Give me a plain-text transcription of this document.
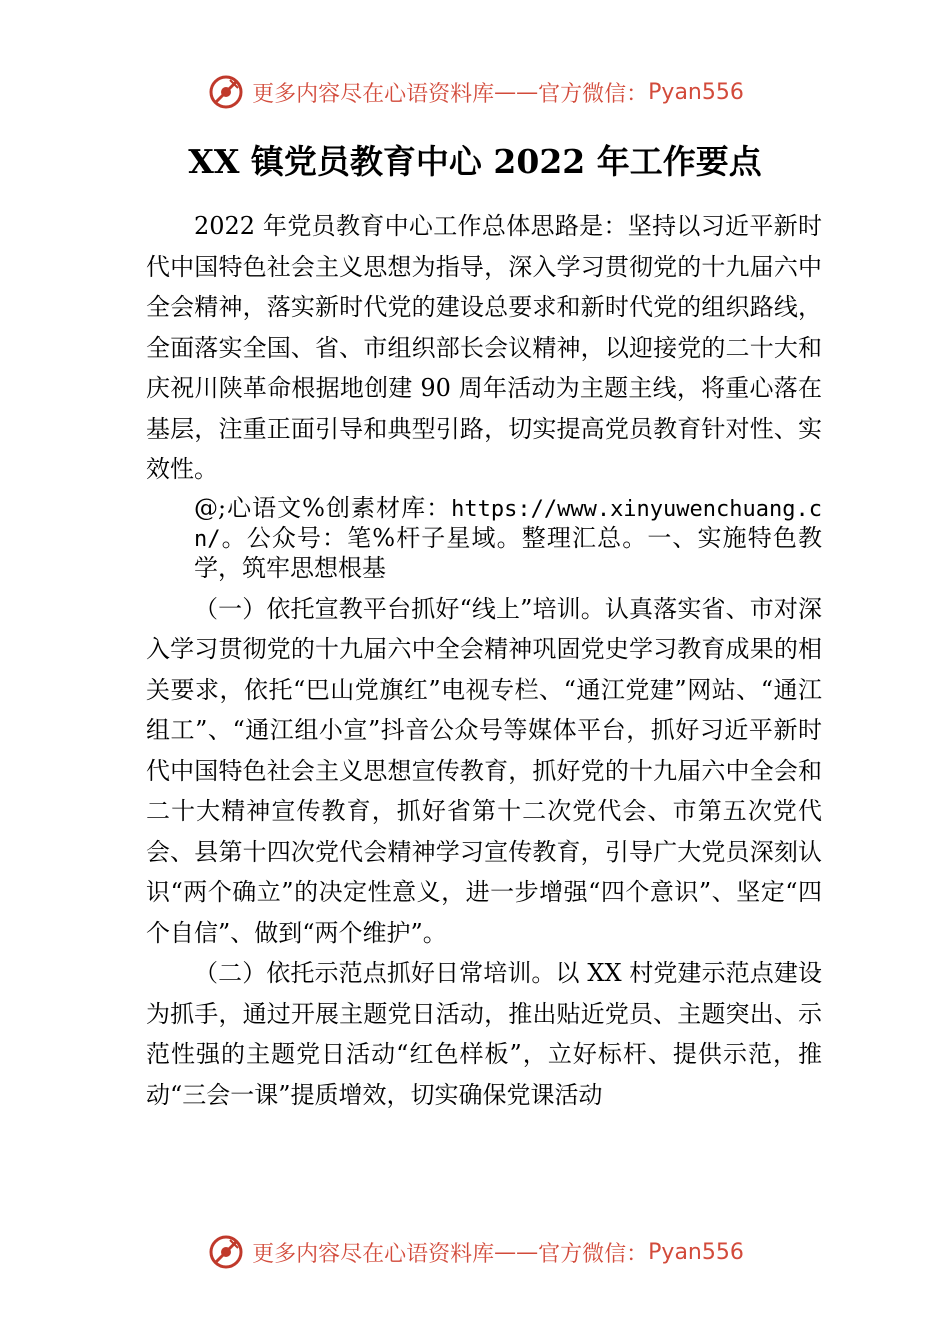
更多内容尽在心语资料库 —— 官方微信： Pyan556
XX 镇党员教育中心 2022 年工作要点

2022 年党员教育中心工作总体思路是：坚持以习近平新时代中国特色社会主义思想为指导，深入学习贯彻党的十九届六中全会精神，落实新时代党的建设总要求和新时代党的组织路线，全面落实全国、省、市组织部长会议精神，以迎接党的二十大和庆祝川陕革命根据地创建 90 周年活动为主题主线，将重心落在基层，注重正面引导和典型引路，切实提高党员教育针对性、实效性。

@;心语文%创素材库：https://www.xinyuwenchuang.cn/。公众号：笔%杆子星域。整理汇总。一、实施特色教学，筑牢思想根基

（一）依托宣教平台抓好“线上”培训。认真落实省、市对深入学习贯彻党的十九届六中全会精神巩固党史学习教育成果的相关要求，依托“巴山党旗红”电视专栏、“通江党建”网站、“通江组工”、“通江组小宣”抖音公众号等媒体平台，抓好习近平新时代中国特色社会主义思想宣传教育，抓好党的十九届六中全会和二十大精神宣传教育，抓好省第十二次党代会、市第五次党代会、县第十四次党代会精神学习宣传教育，引导广大党员深刻认识“两个确立”的决定性意义，进一步增强“四个意识”、坚定“四个自信”、做到“两个维护”。

（二）依托示范点抓好日常培训。以 XX 村党建示范点建设为抓手，通过开展主题党日活动，推出贴近党员、主题突出、示范性强的主题党日活动“红色样板”，立好标杆、提供示范，推动“三会一课”提质增效，切实确保党课活动

更多内容尽在心语资料库 —— 官方微信： Pyan556
